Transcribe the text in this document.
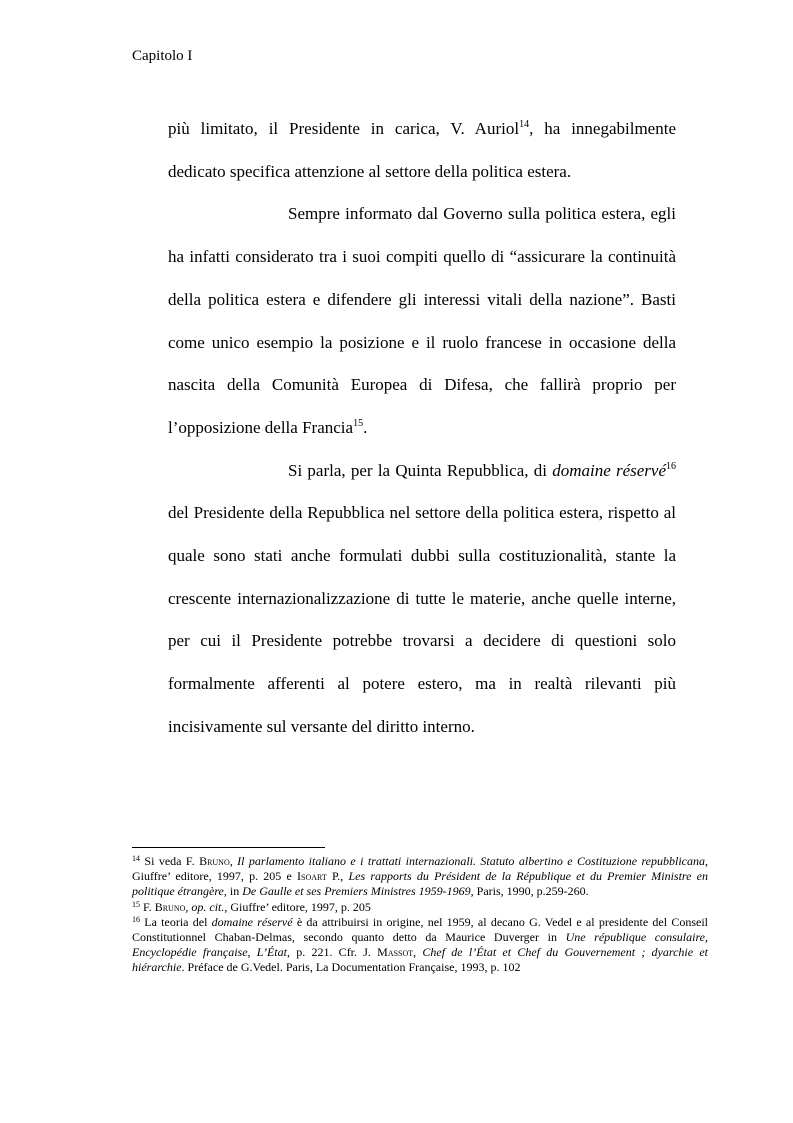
Capitolo I

più limitato, il Presidente in carica, V. Auriol$^{14}$, ha innegabilmente dedicato specifica attenzione al settore della politica estera.

Sempre informato dal Governo sulla politica estera, egli ha infatti considerato tra i suoi compiti quello di “assicurare la continuità della politica estera e difendere gli interessi vitali della nazione”. Basti come unico esempio la posizione e il ruolo francese in occasione della nascita della Comunità Europea di Difesa, che fallirà proprio per l’opposizione della Francia$^{15}$.

Si parla, per la Quinta Repubblica, di domaine réservé$^{16}$ del Presidente della Repubblica nel settore della politica estera, rispetto al quale sono stati anche formulati dubbi sulla costituzionalità, stante la crescente internazionalizzazione di tutte le materie, anche quelle interne, per cui il Presidente potrebbe trovarsi a decidere di questioni solo formalmente afferenti al potere estero, ma in realtà rilevanti più incisivamente sul versante del diritto interno.

$^{14}$ Si veda F. Bruno, Il parlamento italiano e i trattati internazionali. Statuto albertino e Costituzione repubblicana, Giuffre’ editore, 1997, p. 205 e Isoart P., Les rapports du Président de la République et du Premier Ministre en politique étrangère, in De Gaulle et ses Premiers Ministres 1959-1969, Paris, 1990, p.259-260.

$^{15}$ F. Bruno, op. cit., Giuffre’ editore, 1997, p. 205

$^{16}$ La teoria del domaine réservé è da attribuirsi in origine, nel 1959, al decano G. Vedel e al presidente del Conseil Constitutionnel Chaban-Delmas, secondo quanto detto da Maurice Duverger in Une république consulaire, Encyclopédie française, L’État, p. 221. Cfr. J. Massot, Chef de l’État et Chef du Gouvernement ; dyarchie et hiérarchie. Préface de G.Vedel. Paris, La Documentation Française, 1993, p. 102
